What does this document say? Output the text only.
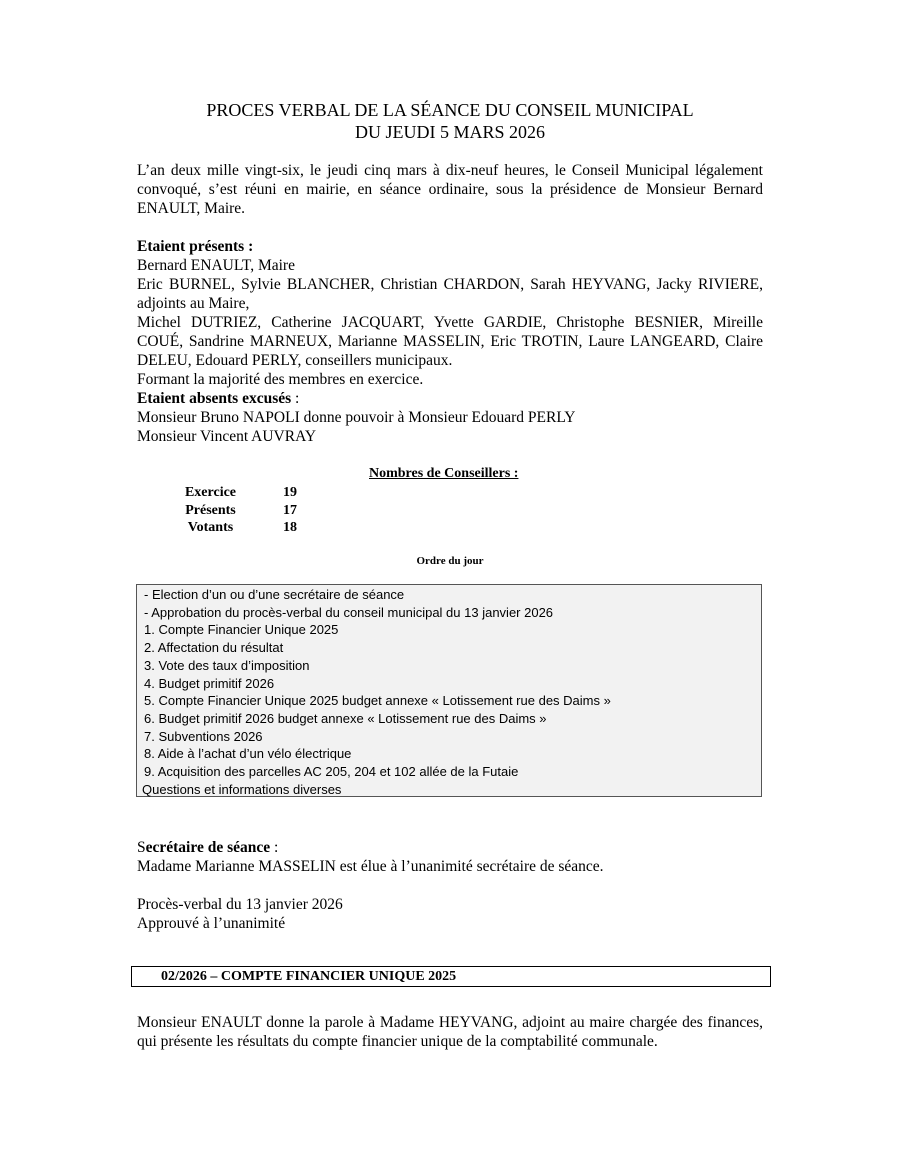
PROCES VERBAL DE LA SÉANCE DU CONSEIL MUNICIPAL
DU JEUDI 5 MARS 2026

L’an deux mille vingt-six, le jeudi cinq mars à dix-neuf heures, le Conseil Municipal légalement convoqué, s’est réuni en mairie, en séance ordinaire, sous la présidence de Monsieur Bernard ENAULT, Maire.

Etaient présents :
Bernard ENAULT, Maire
Eric BURNEL, Sylvie BLANCHER, Christian CHARDON, Sarah HEYVANG, Jacky RIVIERE, adjoints au Maire,
Michel DUTRIEZ, Catherine JACQUART, Yvette GARDIE, Christophe BESNIER, Mireille COUÉ, Sandrine MARNEUX, Marianne MASSELIN, Eric TROTIN, Laure LANGEARD, Claire DELEU, Edouard PERLY, conseillers municipaux.
Formant la majorité des membres en exercice.
Etaient absents excusés :
Monsieur Bruno NAPOLI donne pouvoir à Monsieur Edouard PERLY
Monsieur Vincent AUVRAY
Nombres de Conseillers :
Exercice	19
Présents	17
Votants	18
Ordre du jour
- Election d’un ou d’une secrétaire de séance
- Approbation du procès-verbal du conseil municipal du 13 janvier 2026
1. Compte Financier Unique 2025
2. Affectation du résultat
3. Vote des taux d’imposition
4. Budget primitif 2026
5. Compte Financier Unique 2025 budget annexe « Lotissement rue des Daims »
6. Budget primitif 2026 budget annexe « Lotissement rue des Daims »
7. Subventions 2026
8. Aide à l’achat d’un vélo électrique
9. Acquisition des parcelles AC 205, 204 et 102 allée de la Futaie
Questions et informations diverses
Secrétaire de séance :
Madame Marianne MASSELIN est élue à l’unanimité secrétaire de séance.
Procès-verbal du 13 janvier 2026
Approuvé à l’unanimité
02/2026 – COMPTE FINANCIER UNIQUE 2025

Monsieur ENAULT donne la parole à Madame HEYVANG, adjoint au maire chargée des finances, qui présente les résultats du compte financier unique de la comptabilité communale.
